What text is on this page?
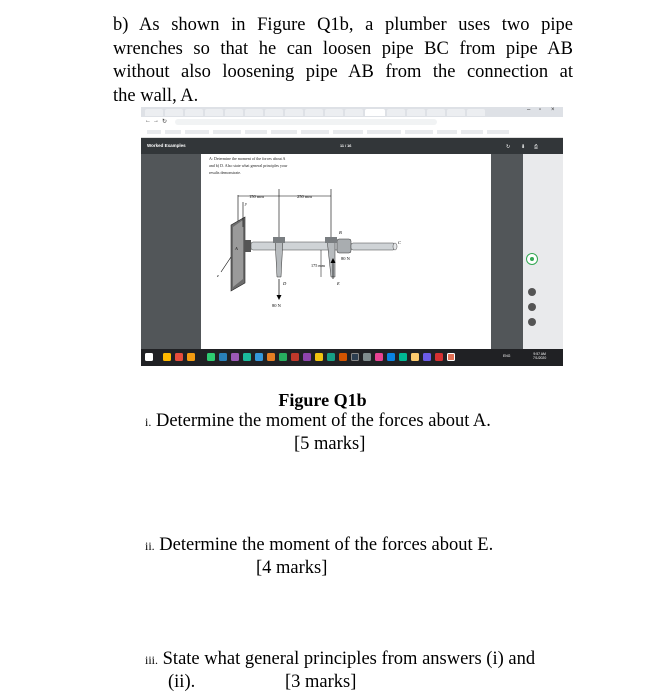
b) As shown in Figure Q1b, a plumber uses two pipe
wrenches so that he can loosen pipe BC from pipe AB
without also loosening pipe AB from the connection at
the wall, A.
– ▫ ×
← → ↻
Worked Examples	11 / 16	↻ ⬇ ⎙
A: Determine the moment of the forces about A
and b) D. Also state what general principles your
results demonstrate.
150 mm	250 mm
175 mm
80 N
80 N
A
B
C
D	E
y
z
ENG	9:57 AM
7/1/2020
Figure Q1b
i. Determine the moment of the forces about A.
[5 marks]
ii. Determine the moment of the forces about E.
[4 marks]
iii. State what general principles from answers (i) and
(ii).	[3 marks]
